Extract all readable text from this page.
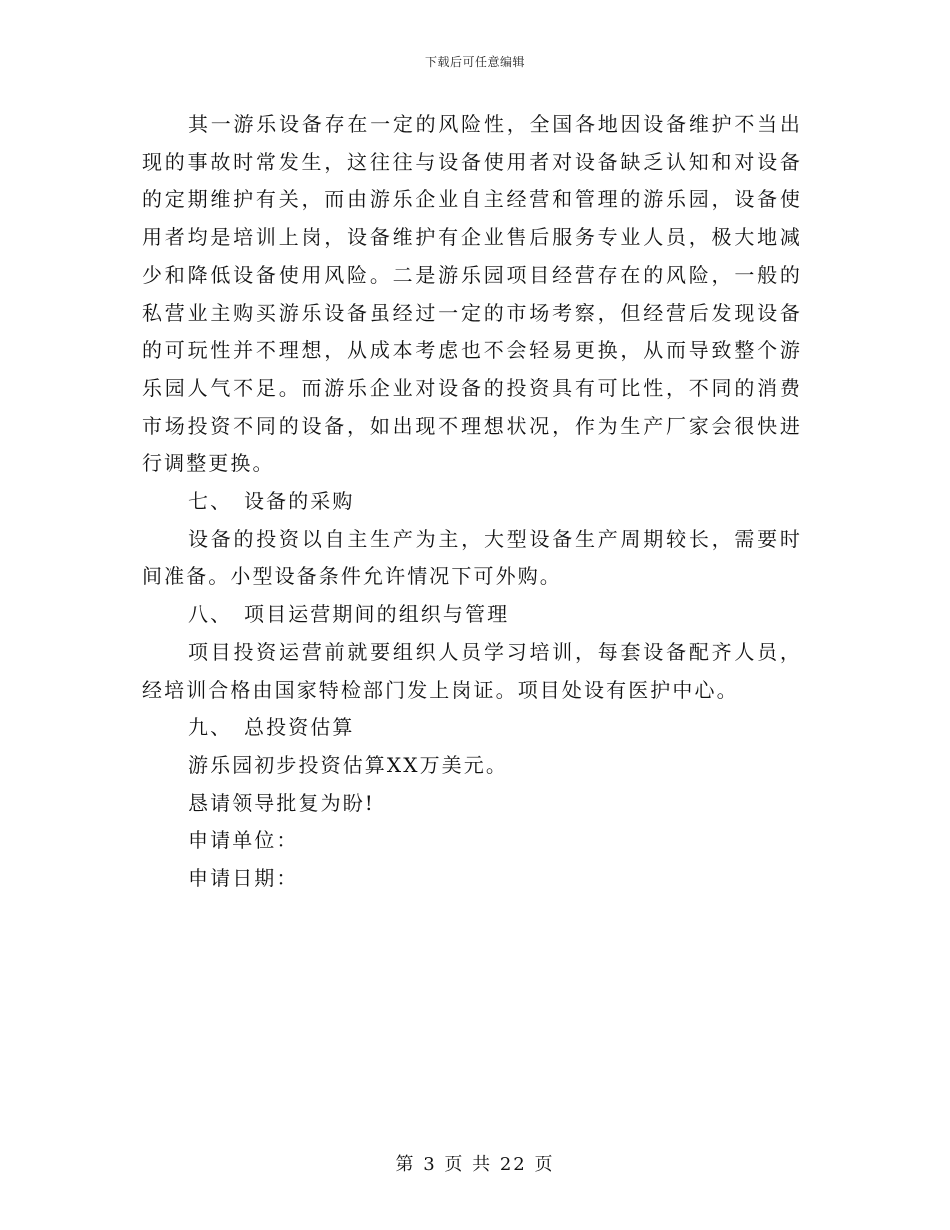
下载后可任意编辑

其一游乐设备存在一定的风险性，全国各地因设备维护不当出现的事故时常发生，这往往与设备使用者对设备缺乏认知和对设备的定期维护有关，而由游乐企业自主经营和管理的游乐园，设备使用者均是培训上岗，设备维护有企业售后服务专业人员，极大地减少和降低设备使用风险。二是游乐园项目经营存在的风险，一般的私营业主购买游乐设备虽经过一定的市场考察，但经营后发现设备的可玩性并不理想，从成本考虑也不会轻易更换，从而导致整个游乐园人气不足。而游乐企业对设备的投资具有可比性，不同的消费市场投资不同的设备，如出现不理想状况，作为生产厂家会很快进行调整更换。

七、 设备的采购

设备的投资以自主生产为主，大型设备生产周期较长，需要时间准备。小型设备条件允许情况下可外购。

八、 项目运营期间的组织与管理

项目投资运营前就要组织人员学习培训，每套设备配齐人员，经培训合格由国家特检部门发上岗证。项目处设有医护中心。

九、 总投资估算

游乐园初步投资估算XX万美元。

恳请领导批复为盼!

申请单位：

申请日期：

第 3 页 共 22 页
